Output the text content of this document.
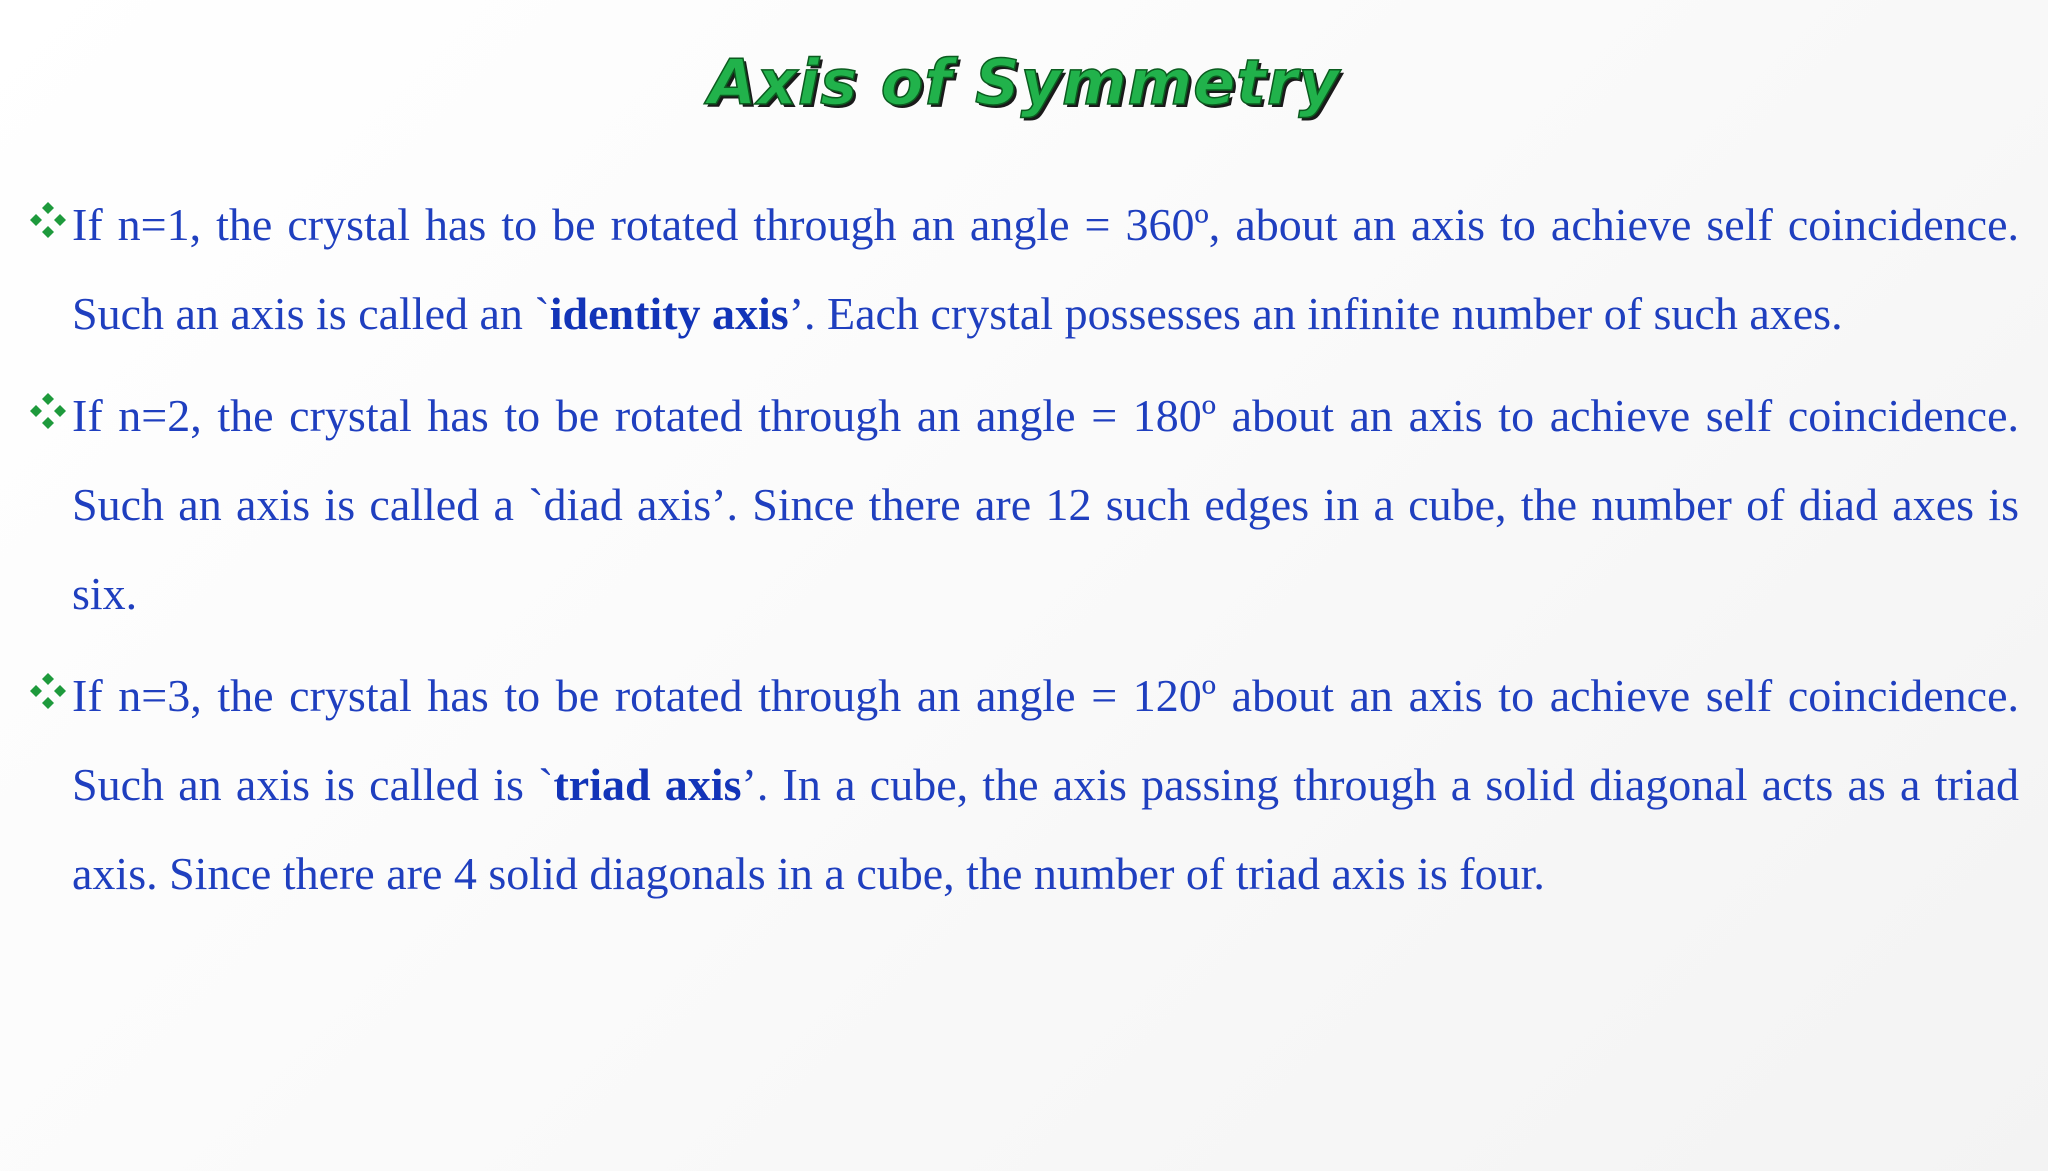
Axis of Symmetry
If n=1, the crystal has to be rotated through an angle = 360º, about an axis to achieve self coincidence. Such an axis is called an `identity axis’. Each crystal possesses an infinite number of such axes.
If n=2, the crystal has to be rotated through an angle = 180º about an axis to achieve self coincidence. Such an axis is called a `diad axis’. Since there are 12 such edges in a cube, the number of diad axes is six.
If n=3, the crystal has to be rotated through an angle = 120º about an axis to achieve self coincidence. Such an axis is called is `triad axis’. In a cube, the axis passing through a solid diagonal acts as a triad axis. Since there are 4 solid diagonals in a cube, the number of triad axis is four.
